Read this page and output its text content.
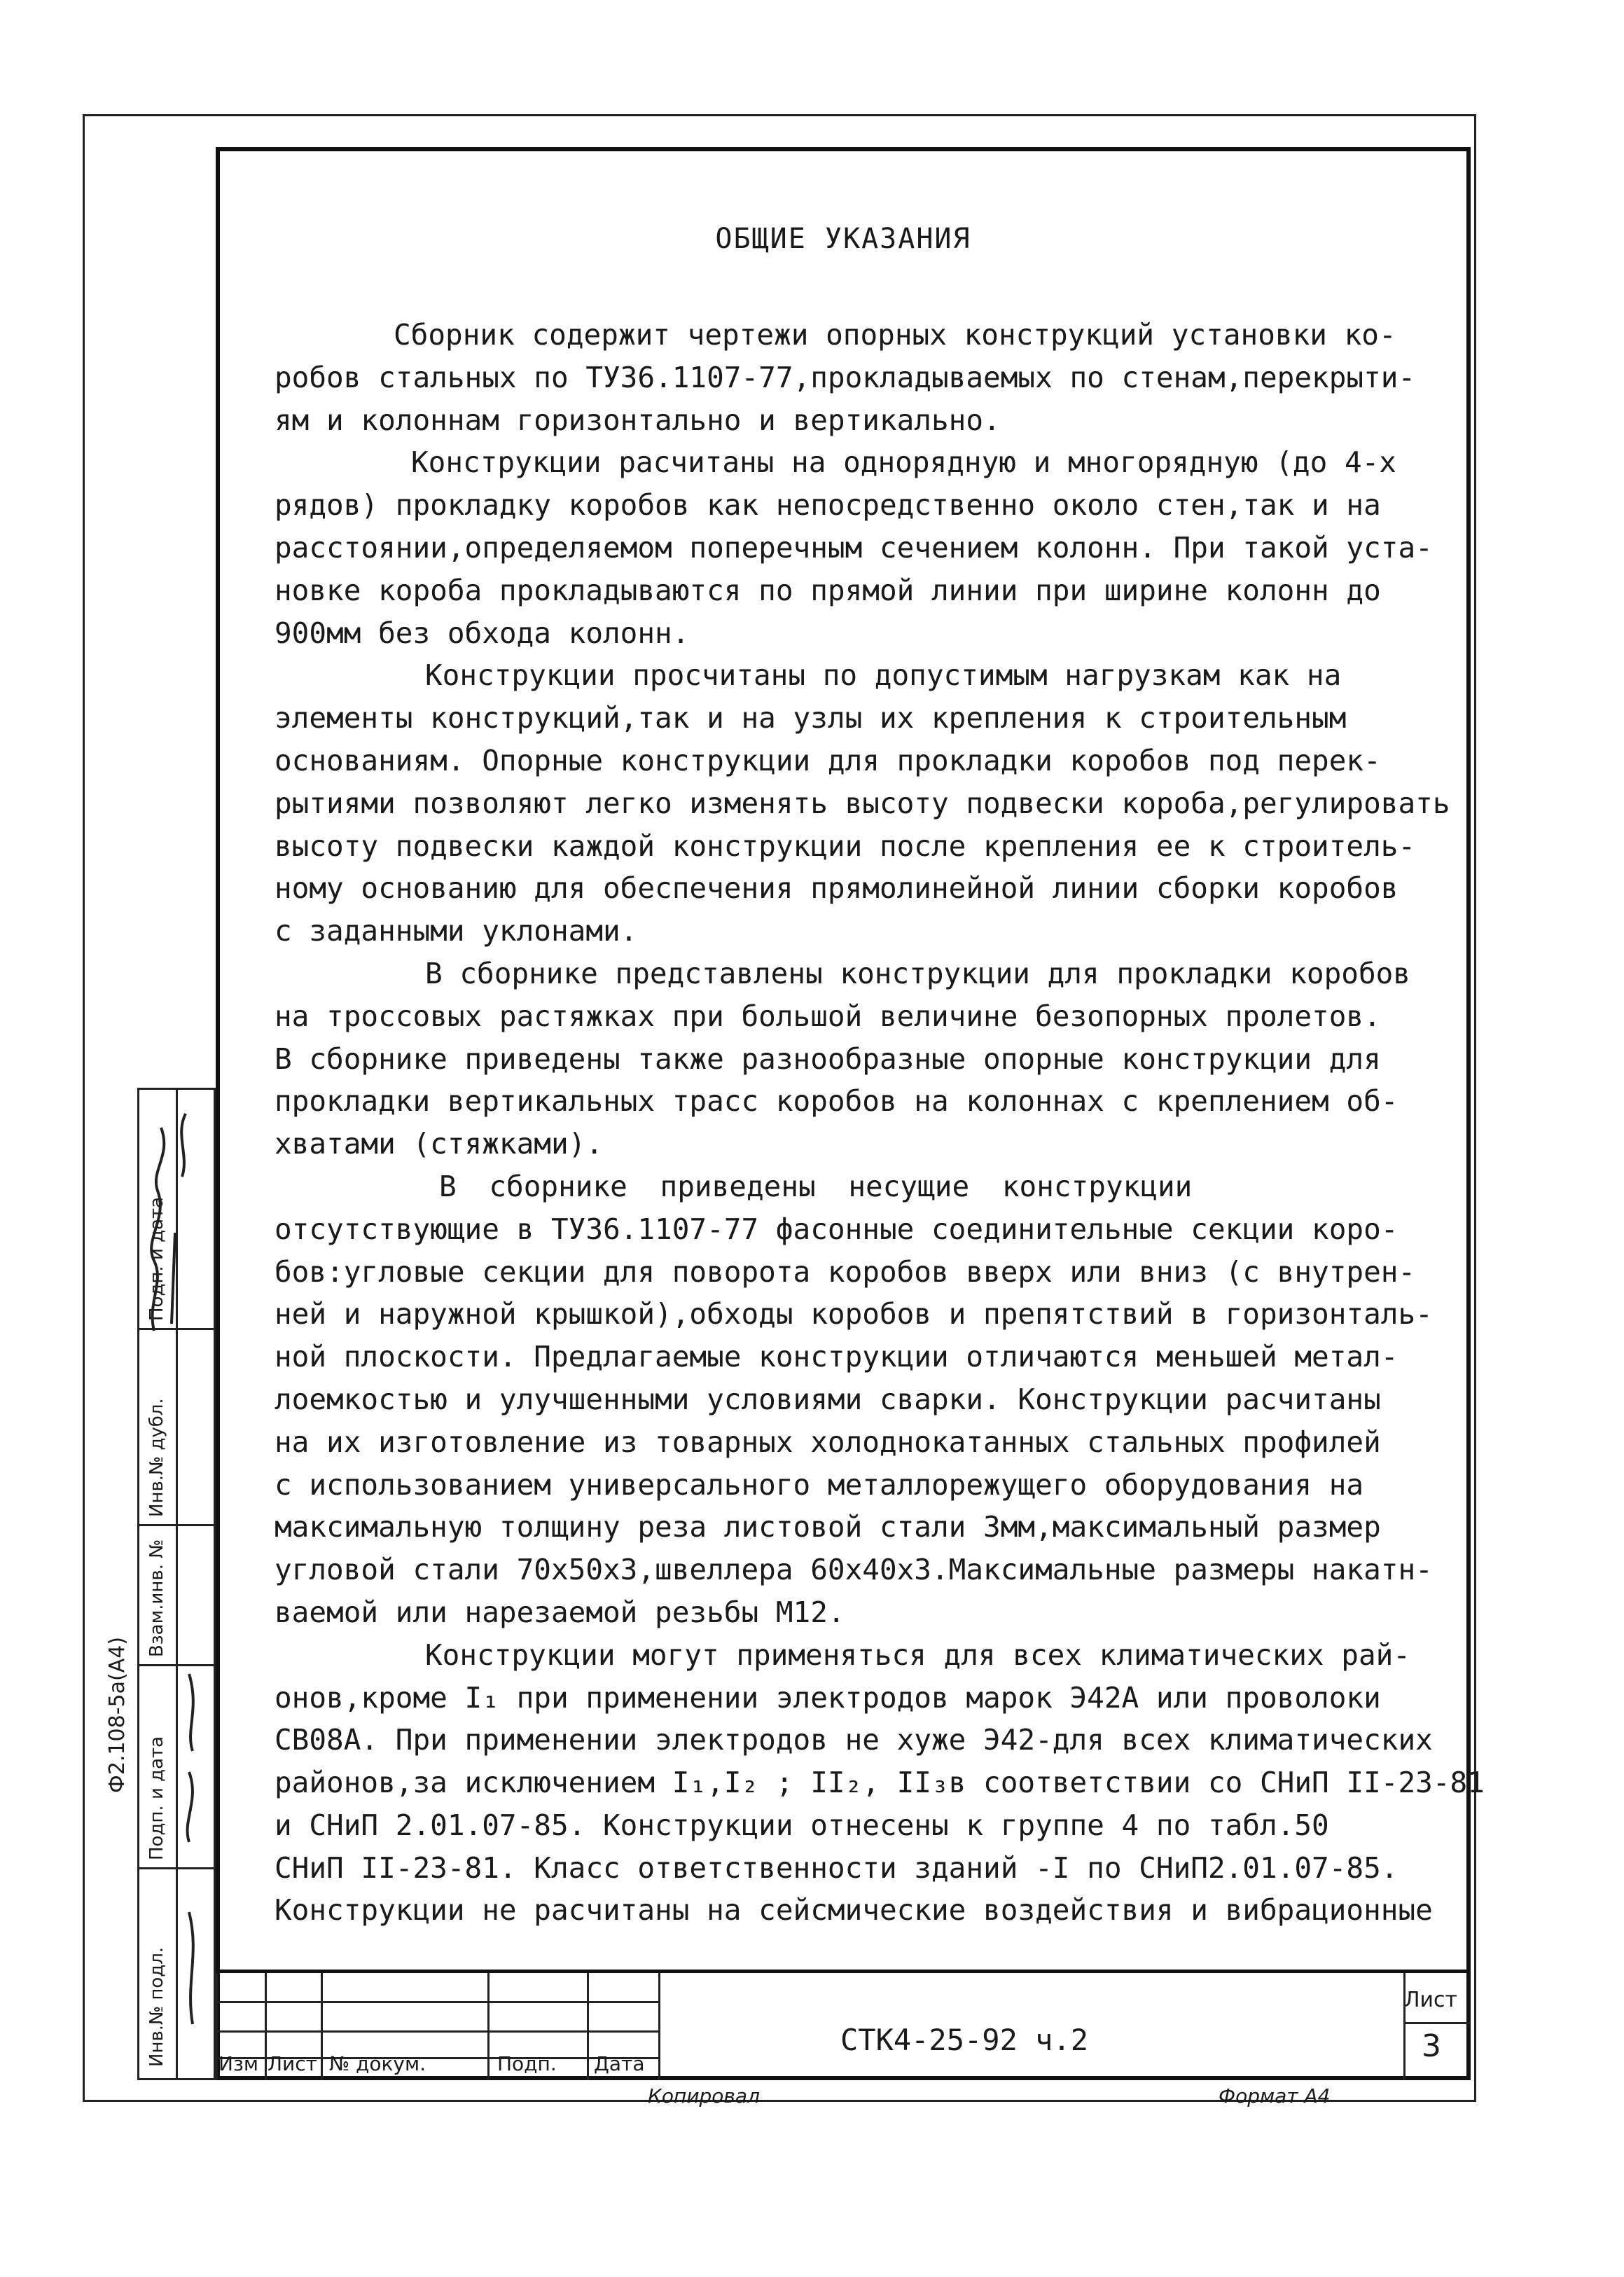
ОБЩИЕ УКАЗАНИЯ
Сборник содержит чертежи опорных конструкций установки ко-
робов стальных по ТУ36.1107-77,прокладываемых по стенам,перекрыти-
ям и колоннам горизонтально и вертикально.
Конструкции расчитаны на однорядную и многорядную (до 4-х
рядов) прокладку коробов как непосредственно около стен,так и на
расстоянии,определяемом поперечным сечением колонн. При такой уста-
новке короба прокладываются по прямой линии при ширине колонн до
900мм без обхода колонн.
Конструкции просчитаны по допустимым нагрузкам как на
элементы конструкций,так и на узлы их крепления к строительным
основаниям. Опорные конструкции для прокладки коробов под перек-
рытиями позволяют легко изменять высоту подвески короба,регулировать
высоту подвески каждой конструкции после крепления ее к строитель-
ному основанию для обеспечения прямолинейной линии сборки коробов
с заданными уклонами.
В сборнике представлены конструкции для прокладки коробов
на троссовых растяжках при большой величине безопорных пролетов.
В сборнике приведены также разнообразные опорные конструкции для
прокладки вертикальных трасс коробов на колоннах с креплением об-
хватами (стяжками).
В сборнике приведены несущие конструкции
отсутствующие в ТУ36.1107-77 фасонные соединительные секции коро-
бов:угловые секции для поворота коробов вверх или вниз (с внутрен-
ней и наружной крышкой),обходы коробов и препятствий в горизонталь-
ной плоскости. Предлагаемые конструкции отличаются меньшей метал-
лоемкостью и улучшенными условиями сварки. Конструкции расчитаны
на их изготовление из товарных холоднокатанных стальных профилей
с использованием универсального металлорежущего оборудования на
максимальную толщину реза листовой стали 3мм,максимальный размер
угловой стали 70х50х3,швеллера 60х40х3.Максимальные размеры накатн-
ваемой или нарезаемой резьбы М12.
Конструкции могут применяться для всех климатических рай-
онов,кроме I₁ при применении электродов марок Э42А или проволоки
СВ08А. При применении электродов не хуже Э42-для всех климатических
районов,за исключением I₁,I₂ ; II₂, II₃в соответствии со СНиП II-23-81
и СНиП 2.01.07-85. Конструкции отнесены к группе 4 по табл.50
СНиП II-23-81. Класс ответственности зданий -I по СНиП2.01.07-85.
Конструкции не расчитаны на сейсмические воздействия и вибрационные
Инв.№ подл.
Подп. и дата
Взам.инв. №
Инв.№ дубл.
Подп. и дата
Ф2.108-5а(А4)
Изм Лист № докум.	Подп. Дата
СТК4-25-92 ч.2
Лист
3
Копировал	Формат А4
